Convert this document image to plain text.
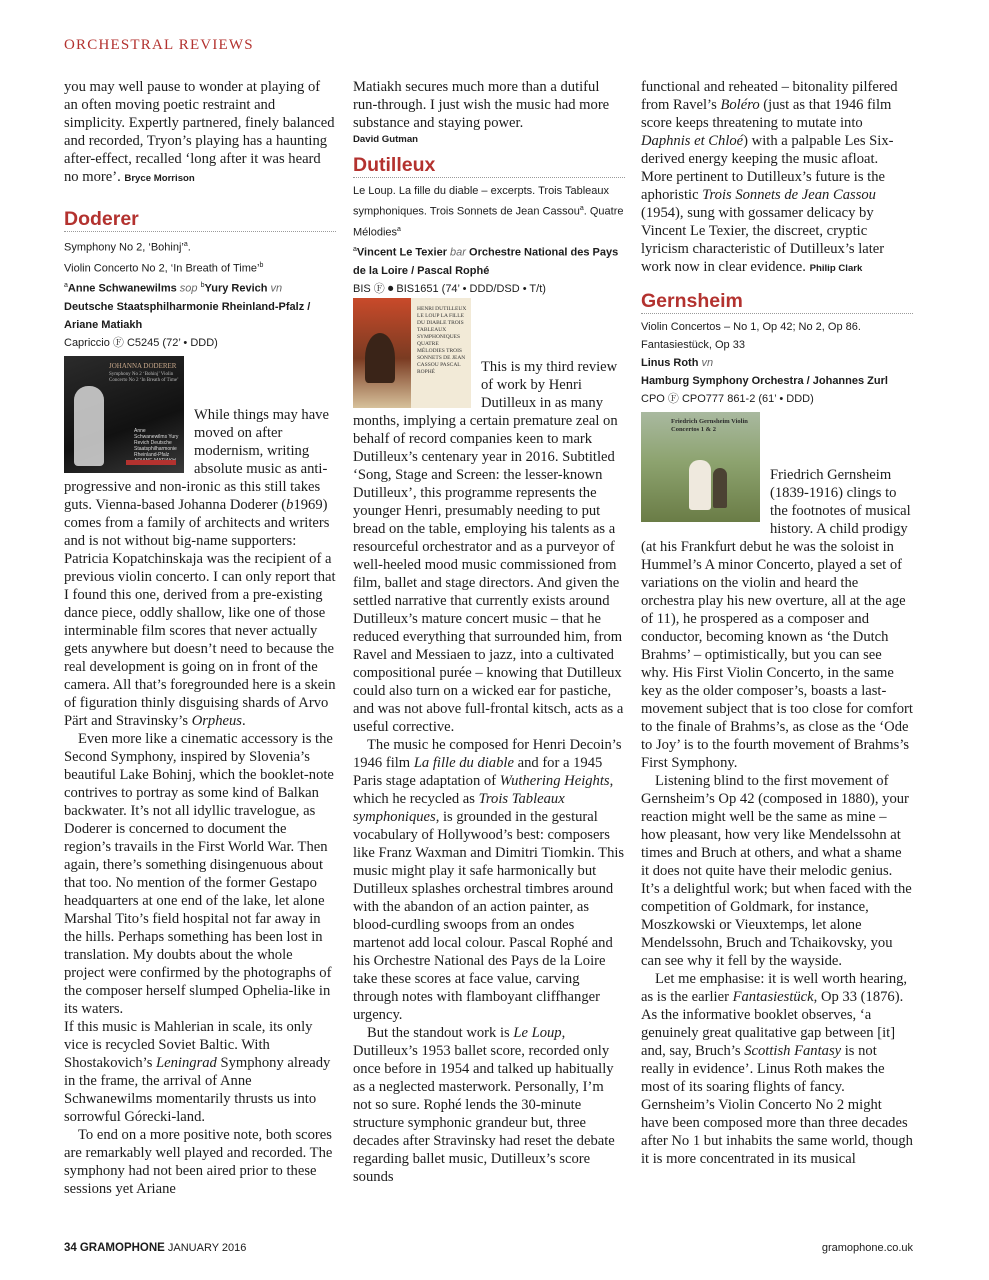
ORCHESTRAL REVIEWS

you may well pause to wonder at playing of an often moving poetic restraint and simplicity. Expertly partnered, finely balanced and recorded, Tryon’s playing has a haunting after-effect, recalled ‘long after it was heard no more’. Bryce Morrison

Doderer
Symphony No 2, ‘Bohinj’$^a$.
Violin Concerto No 2, ‘In Breath of Time’$^b$
$^a$Anne Schwanewilms sop $^b$Yury Revich vn
Deutsche Staatsphilharmonie Rheinland-Pfalz / Ariane Matiakh
Capriccio Ⓕ C5245 (72’ • DDD)
JOHANNA DODERER
Symphony No 2 ‘Bohinj’ Violin Concerto No 2 ‘In Breath of Time’
Anne Schwanewilms Yury Revich Deutsche Staatsphilharmonie Rheinland-Pfalz

While things may have moved on after modernism, writing absolute music as anti-progressive and non-ironic as this still takes guts. Vienna-based Johanna Doderer (b1969) comes from a family of architects and writers and is not without big-name supporters: Patricia Kopatchinskaja was the recipient of a previous violin concerto. I can only report that I found this one, derived from a pre-existing dance piece, oddly shallow, like one of those interminable film scores that never actually gets anywhere but doesn’t need to because the real development is going on in front of the camera. All that’s foregrounded here is a skein of figuration thinly disguising shards of Arvo Pärt and Stravinsky’s Orpheus.

Even more like a cinematic accessory is the Second Symphony, inspired by Slovenia’s beautiful Lake Bohinj, which the booklet-note contrives to portray as some kind of Balkan backwater. It’s not all idyllic travelogue, as Doderer is concerned to document the region’s travails in the First World War. Then again, there’s something disingenuous about that too. No mention of the former Gestapo headquarters at one end of the lake, let alone Marshal Tito’s field hospital not far away in the hills. Perhaps something has been lost in translation. My doubts about the whole project were confirmed by the photographs of the composer herself slumped Ophelia-like in its waters.

If this music is Mahlerian in scale, its only vice is recycled Soviet Baltic. With Shostakovich’s Leningrad Symphony already in the frame, the arrival of Anne Schwanewilms momentarily thrusts us into sorrowful Górecki-land.

To end on a more positive note, both scores are remarkably well played and recorded. The symphony had not been aired prior to these sessions yet Ariane

Matiakh secures much more than a dutiful run-through. I just wish the music had more substance and staying power.

David Gutman
Dutilleux
Le Loup. La fille du diable – excerpts. Trois Tableaux symphoniques. Trois Sonnets de Jean Cassou$^a$. Quatre Mélodies$^a$
$^a$Vincent Le Texier bar Orchestre National des Pays de la Loire / Pascal Rophé
BIS Ⓕ ⏺ BIS1651 (74’ • DDD/DSD • T/t)
HENRI DUTILLEUX LE LOUP LA FILLE DU DIABLE TROIS TABLEAUX SYMPHONIQUES QUATRE MÉLODIES TROIS SONNETS DE JEAN CASSOU PASCAL ROPHÉ	This is my third review of work by Henri Dutilleux in as many months, implying a certain premature zeal on behalf of record companies keen to mark Dutilleux’s centenary year in 2016. Subtitled ‘Song, Stage and Screen: the lesser-known Dutilleux’, this programme represents the younger Henri, presumably needing to put bread on the table, employing his talents as a resourceful orchestrator and as a purveyor of well-heeled mood music commissioned from film, ballet and stage directors. And given the settled narrative that currently exists around Dutilleux’s mature concert music – that he reduced everything that surrounded him, from Ravel and Messiaen to jazz, into a cultivated compositional purée – knowing that Dutilleux could also turn on a wicked ear for pastiche, and was not above full-frontal kitsch, acts as a useful corrective.

The music he composed for Henri Decoin’s 1946 film La fille du diable and for a 1945 Paris stage adaptation of Wuthering Heights, which he recycled as Trois Tableaux symphoniques, is grounded in the gestural vocabulary of Hollywood’s best: composers like Franz Waxman and Dimitri Tiomkin. This music might play it safe harmonically but Dutilleux splashes orchestral timbres around with the abandon of an action painter, as blood-curdling swoops from an ondes martenot add local colour. Pascal Rophé and his Orchestre National des Pays de la Loire take these scores at face value, carving through notes with flamboyant cliffhanger urgency.

But the standout work is Le Loup, Dutilleux’s 1953 ballet score, recorded only once before in 1954 and talked up habitually as a neglected masterwork. Personally, I’m not so sure. Rophé lends the 30-minute structure symphonic grandeur but, three decades after Stravinsky had reset the debate regarding ballet music, Dutilleux’s score sounds

functional and reheated – bitonality pilfered from Ravel’s Boléro (just as that 1946 film score keeps threatening to mutate into Daphnis et Chloé) with a palpable Les Six-derived energy keeping the music afloat. More pertinent to Dutilleux’s future is the aphoristic Trois Sonnets de Jean Cassou (1954), sung with gossamer delicacy by Vincent Le Texier, the discreet, cryptic lyricism characteristic of Dutilleux’s later work now in clear evidence. Philip Clark

Gernsheim
Violin Concertos – No 1, Op 42; No 2, Op 86. Fantasiestück, Op 33
Linus Roth vn
Hamburg Symphony Orchestra / Johannes Zurl
CPO Ⓕ CPO777 861-2 (61’ • DDD)
Friedrich Gernsheim Violin Concertos 1 & 2

Friedrich Gernsheim (1839-1916) clings to the footnotes of musical history. A child prodigy (at his Frankfurt debut he was the soloist in Hummel’s A minor Concerto, played a set of variations on the violin and heard the orchestra play his new overture, all at the age of 11), he prospered as a composer and conductor, becoming known as ‘the Dutch Brahms’ – optimistically, but you can see why. His First Violin Concerto, in the same key as the older composer’s, boasts a last-movement subject that is too close for comfort to the finale of Brahms’s, as close as the ‘Ode to Joy’ is to the fourth movement of Brahms’s First Symphony.

Listening blind to the first movement of Gernsheim’s Op 42 (composed in 1880), your reaction might well be the same as mine – how pleasant, how very like Mendelssohn at times and Bruch at others, and what a shame it does not quite have their melodic genius. It’s a delightful work; but when faced with the competition of Goldmark, for instance, Moszkowski or Vieuxtemps, let alone Mendelssohn, Bruch and Tchaikovsky, you can see why it fell by the wayside.

Let me emphasise: it is well worth hearing, as is the earlier Fantasiestück, Op 33 (1876). As the informative booklet observes, ‘a genuinely great qualitative gap between [it] and, say, Bruch’s Scottish Fantasy is not really in evidence’. Linus Roth makes the most of its soaring flights of fancy. Gernsheim’s Violin Concerto No 2 might have been composed more than three decades after No 1 but inhabits the same world, though it is more concentrated in its musical

34 GRAMOPHONE JANUARY 2016	gramophone.co.uk
